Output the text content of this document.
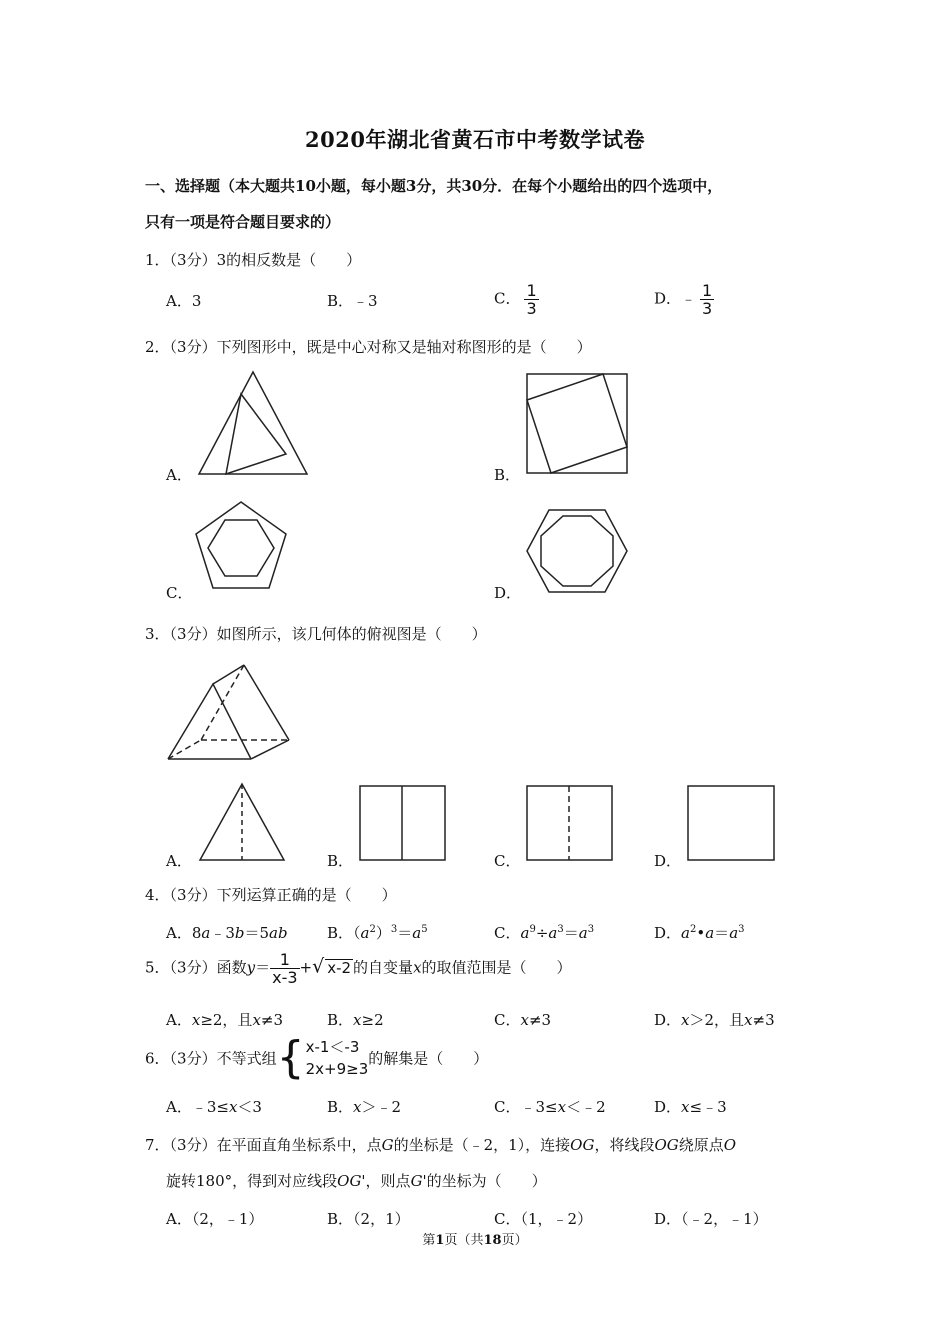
2020年湖北省黄石市中考数学试卷
一、选择题（本大题共10小题，每小题3分，共30分．在每个小题给出的四个选项中，
只有一项是符合题目要求的）
1．（3分）3的相反数是（　　）
A．3	B．﹣3	C． $\frac{1}{3}$	D．﹣ $\frac{1}{3}$
2．（3分）下列图形中，既是中心对称又是轴对称图形的是（　　）
A．	B．
C．	D．
3．（3分）如图所示，该几何体的俯视图是（　　）
A．	B．	C．	D．
4．（3分）下列运算正确的是（　　）
A．8a﹣3b＝5ab	B．$(a^2)^3=a^5$	C．$a^9\div a^3=a^3$	D．$a^2•a=a^3$
5．（3分）函数$y= \frac{1}{x-3}$ +√ x-2 的自变量x的取值范围是（　　）
A．x≥2，且x≠3	B．x≥2	C．x≠3	D．x＞2，且x≠3
6．（3分）不等式组{ x-1＜-3
2x+9≥3
的解集是（　　）
A．﹣3≤x＜3	B．x＞﹣2	C．﹣3≤x＜﹣2	D．x≤﹣3
7．（3分）在平面直角坐标系中，点G的坐标是（﹣2，1），连接OG，将线段OG绕原点O
旋转180°，得到对应线段OG'，则点G'的坐标为（　　）
A．（2，﹣1）	B．（2，1）	C．（1，﹣2）	D．（﹣2，﹣1）
第1页（共18页）
